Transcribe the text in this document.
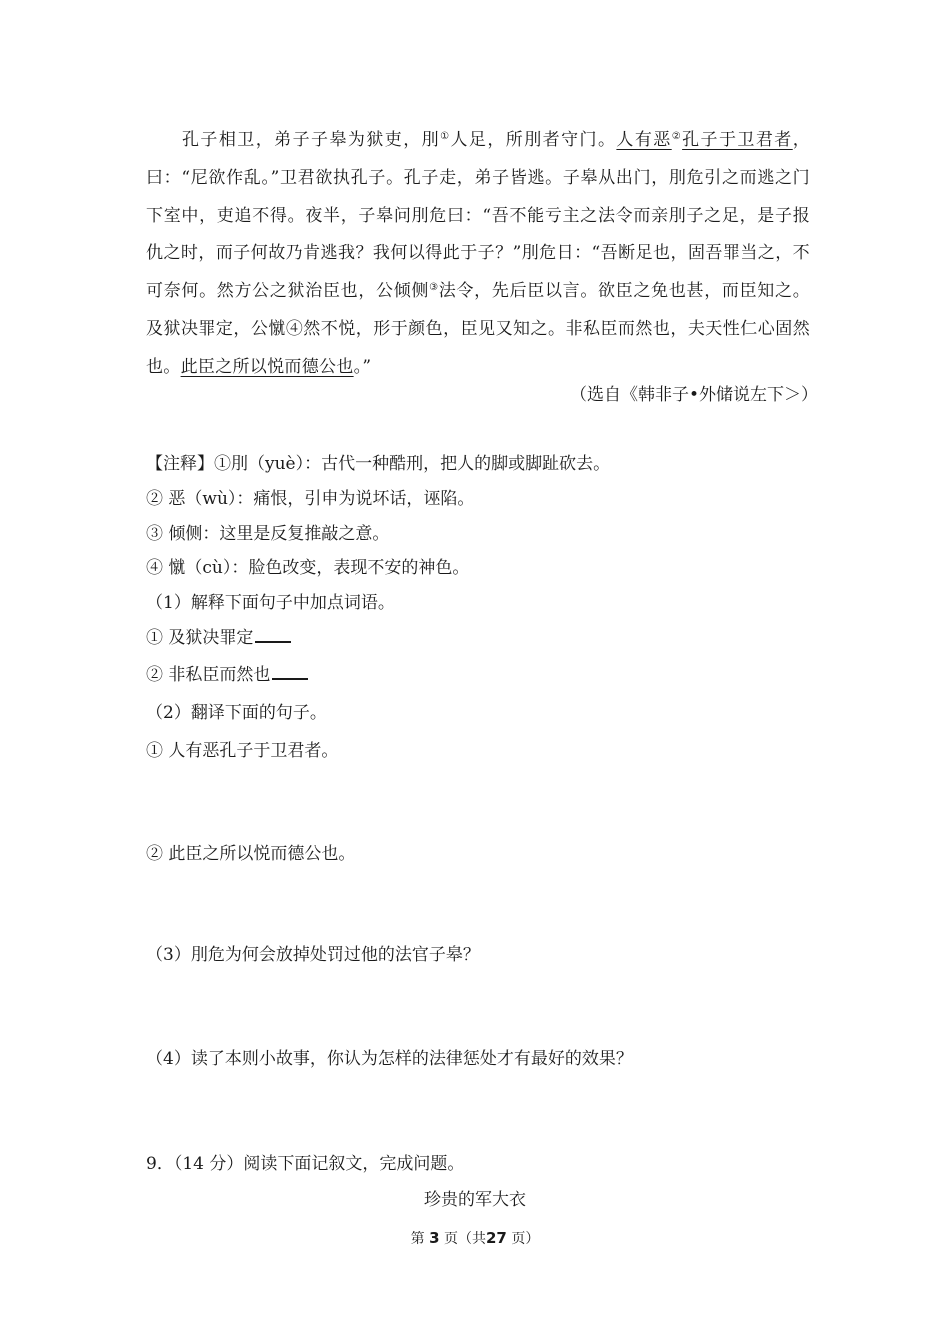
孔子相卫，弟子子皋为狱吏，刖①人足，所刖者守门。人有恶②孔子于卫君者，曰：“尼欲作乱。”卫君欲执孔子。孔子走，弟子皆逃。子皋从出门，刖危引之而逃之门下室中，吏追不得。夜半，子皋问刖危曰：“吾不能亏主之法令而亲刖子之足，是子报仇之时，而子何故乃肯逃我？我何以得此于子？”刖危日：“吾断足也，固吾罪当之，不可奈何。然方公之狱治臣也，公倾侧③法令，先后臣以言。欲臣之免也甚，而臣知之。及狱决罪定，公憱④然不悦，形于颜色，臣见又知之。非私臣而然也，夫天性仁心固然也。此臣之所以悦而德公也。”

（选自《韩非子•外储说左下＞）
【注释】①刖（yuè）：古代一种酷刑，把人的脚或脚趾砍去。
② 恶（wù）：痛恨，引申为说坏话，诬陷。
③ 倾侧：这里是反复推敲之意。
④ 憱（cù）：脸色改变，表现不安的神色。
（1）解释下面句子中加点词语。
① 及狱决罪定
② 非私臣而然也
（2）翻译下面的句子。
① 人有恶孔子于卫君者。
② 此臣之所以悦而德公也。
（3）刖危为何会放掉处罚过他的法官子皋？
（4）读了本则小故事，你认为怎样的法律惩处才有最好的效果？
9．（14 分）阅读下面记叙文，完成问题。
珍贵的军大衣
第 3 页（共27 页）
